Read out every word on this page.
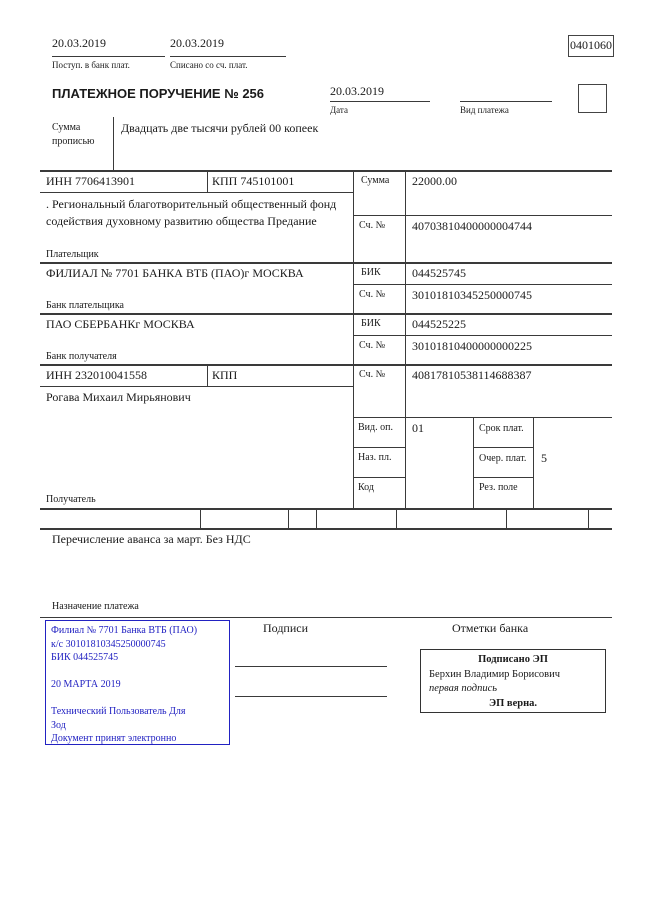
20.03.2019
Поступ. в банк плат.
20.03.2019
Списано со сч. плат.
0401060
ПЛАТЕЖНОЕ ПОРУЧЕНИЕ № 256	20.03.2019
Дата	Вид платежа
Сумма прописью
Двадцать две тысячи рублей 00 копеек
ИНН 7706413901	КПП 745101001
. Региональный благотворительный общественный фонд содействия духовному развитию общества Предание
Плательщик
Сумма 22000.00
Сч. № 40703810400000004744
ФИЛИАЛ № 7701 БАНКА ВТБ (ПАО)г МОСКВА
Банк плательщика
БИК	044525745
Сч. № 30101810345250000745
ПАО СБЕРБАНКг МОСКВА
Банк получателя
БИК	044525225
Сч. № 30101810400000000225
ИНН 232010041558	КПП
Рогава Михаил Мирьянович
Получатель
Сч. № 40817810538114688387
Вид. оп. 01	Срок плат.
Наз. пл.	Очер. плат.	5
Код	Рез. поле
Перечисление аванса за март. Без НДС
Назначение платежа
Филиал № 7701 Банка ВТБ (ПАО)
к/с 30101810345250000745
БИК 044525745
20 МАРТА 2019
Технический Пользователь Для
Зод
Документ принят электронно
Подписи	Отметки банка
Подписано ЭП
Берхин Владимир Борисович
первая подпись
ЭП верна.
